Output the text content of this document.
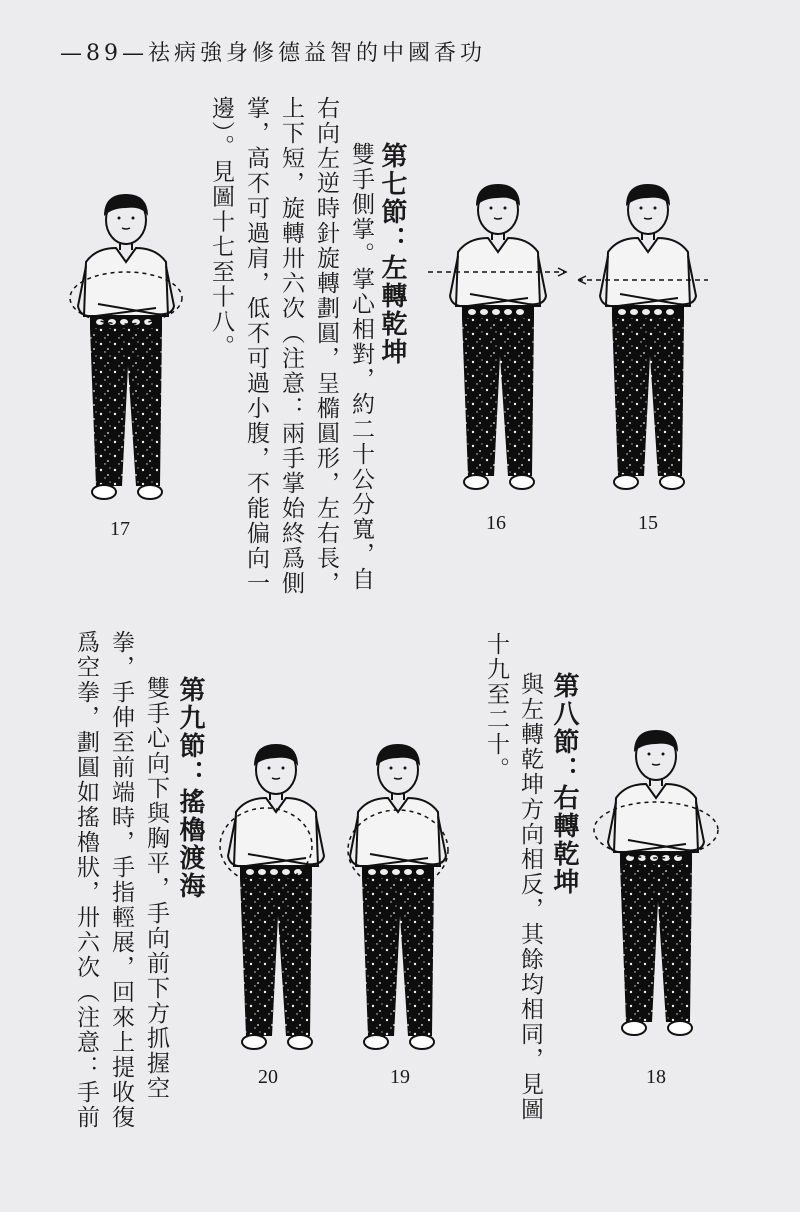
—89—祛病強身修德益智的中國香功
第七節：左轉乾坤
雙手側掌。掌心相對，約二十公分寬，自
右向左逆時針旋轉劃圓，呈橢圓形，左右長，
上下短，旋轉卅六次（注意：兩手掌始終爲側
掌，高不可過肩，低不可過小腹，不能偏向一
邊）。見圖十七至十八。
第八節：右轉乾坤
與左轉乾坤方向相反，其餘均相同，見圖
十九至二十。
第九節：搖櫓渡海
雙手心向下與胸平，手向前下方抓握空
拳，手伸至前端時，手指輕展，回來上提收復
爲空拳，劃圓如搖櫓狀，卅六次（注意：手前
17	16	15
20	19	18
